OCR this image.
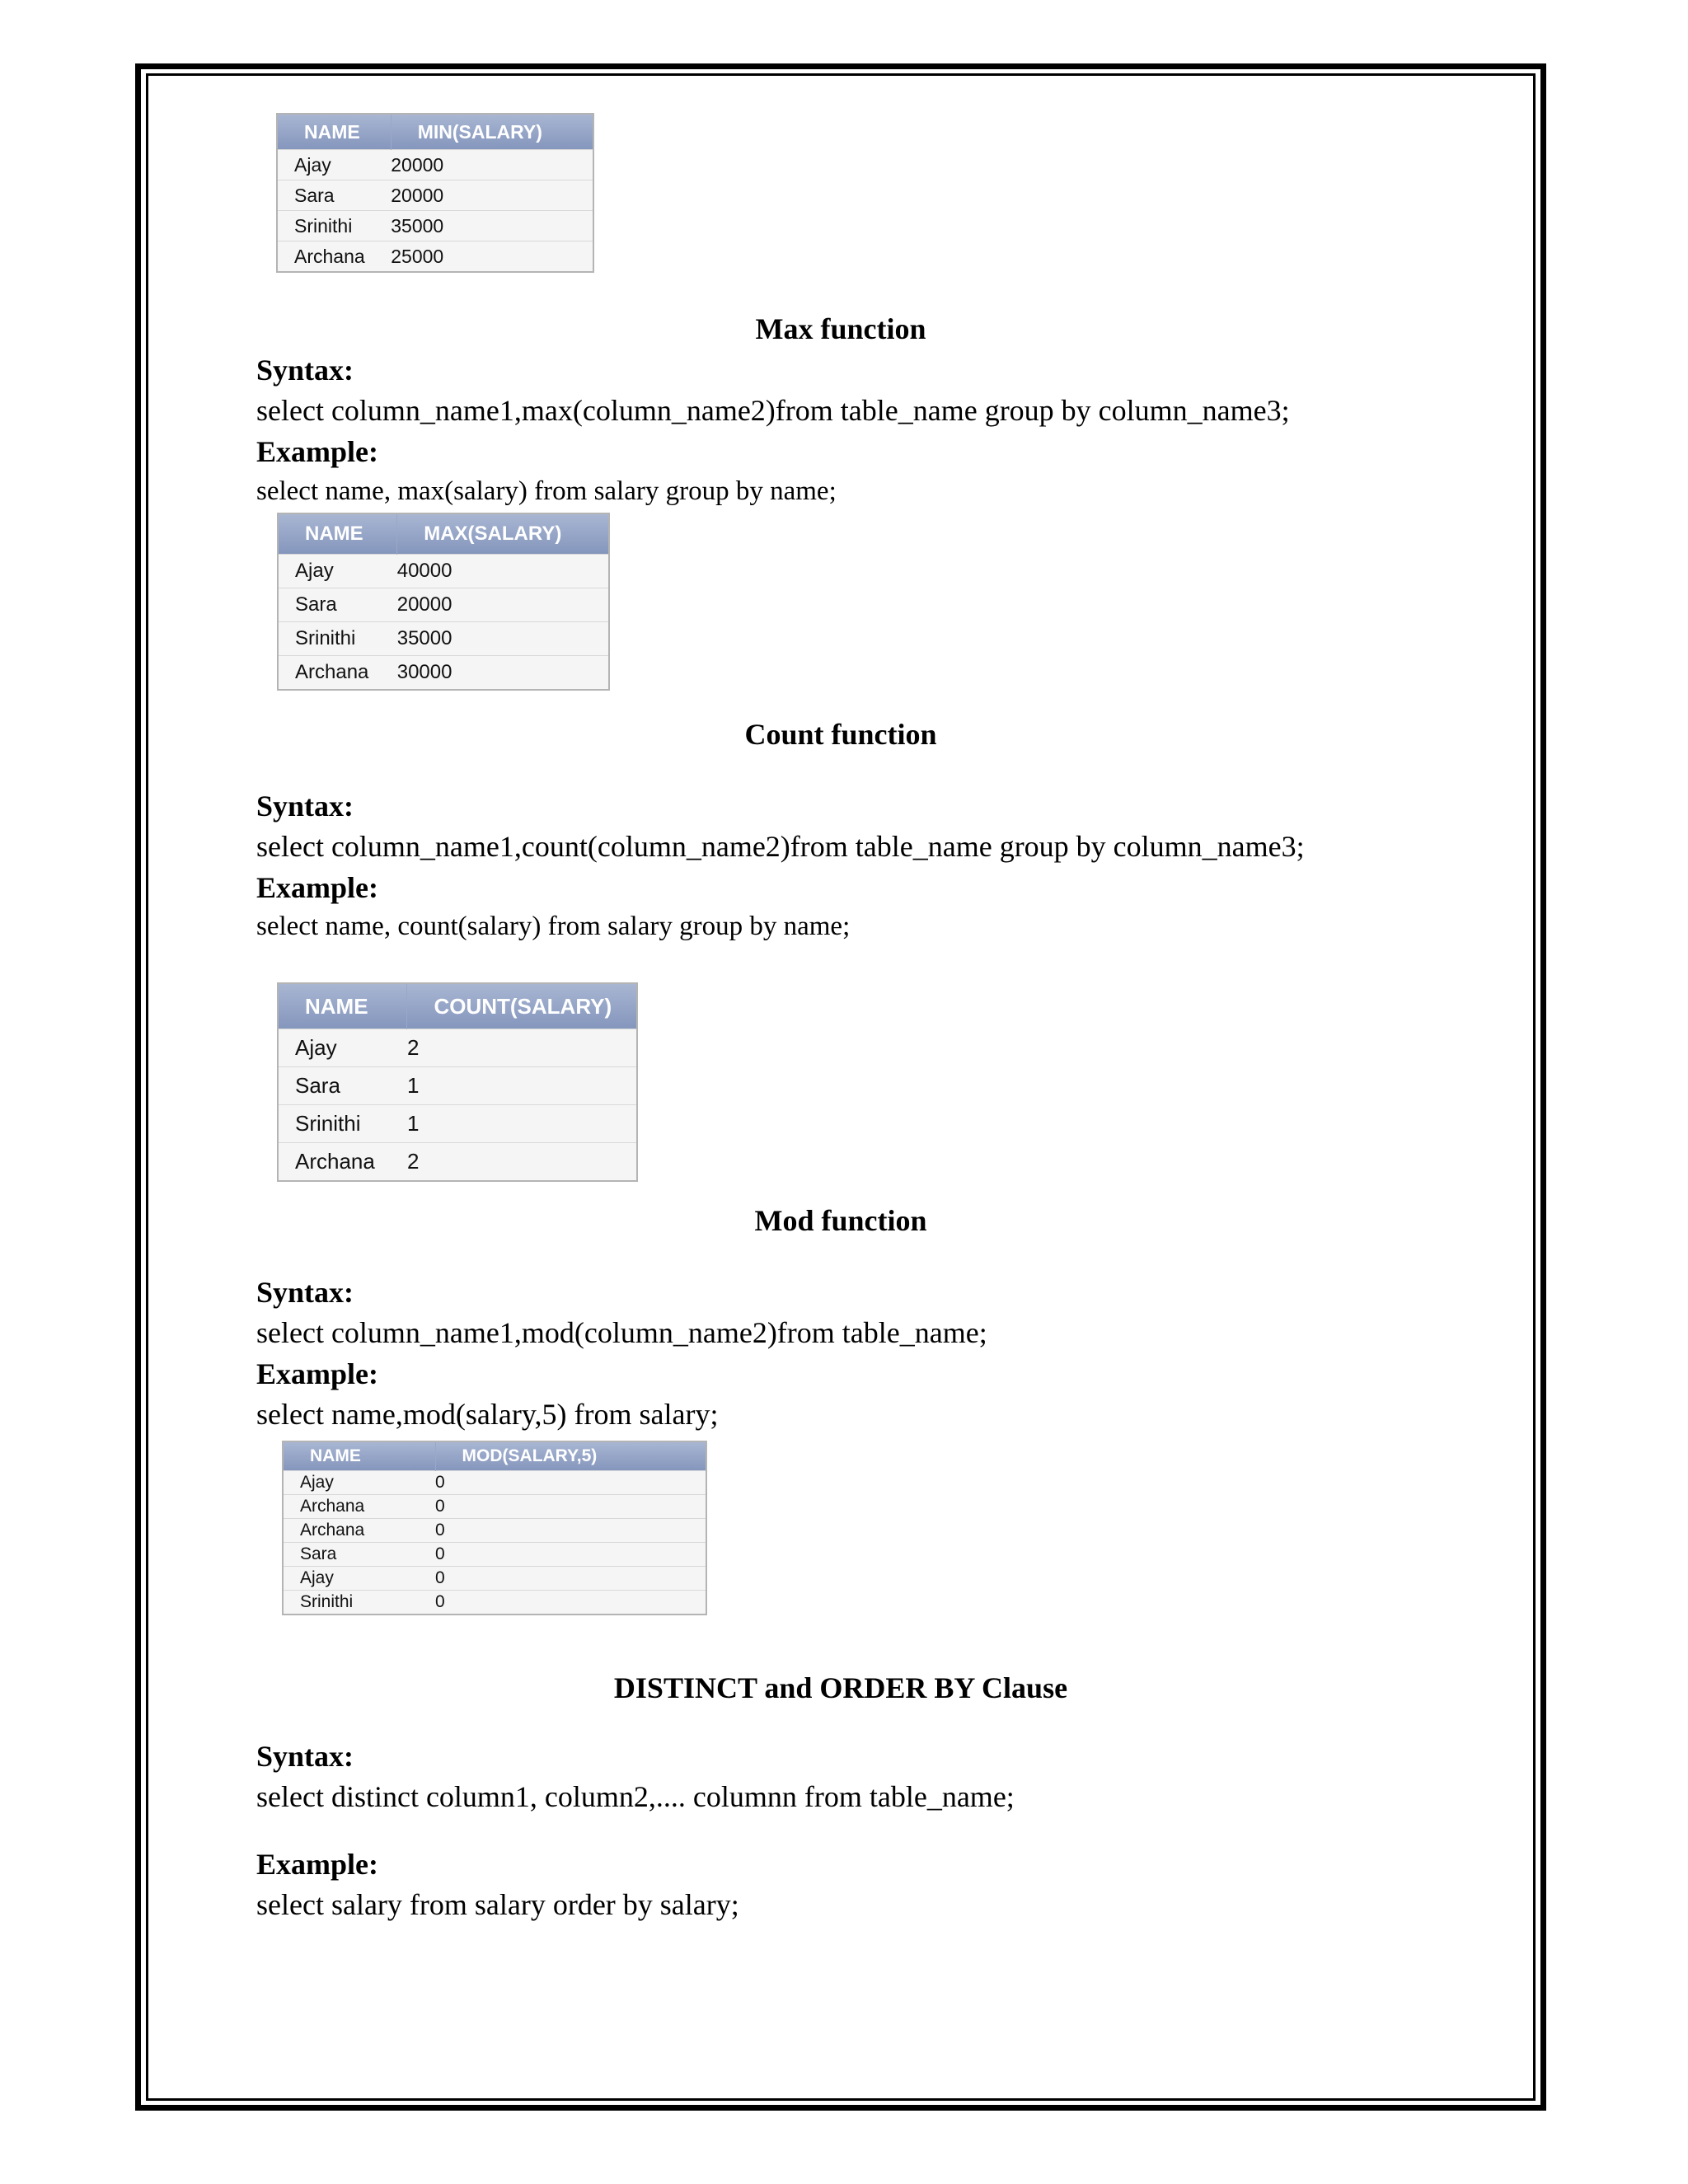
NAME	MIN(SALARY)
Ajay	20000
Sara	20000
Srinithi	35000
Archana	25000
Max function
Syntax:
select column_name1,max(column_name2)from table_name group by column_name3;
Example:
select name, max(salary) from salary group by name;
NAME	MAX(SALARY)
Ajay	40000
Sara	20000
Srinithi	35000
Archana	30000
Count function
Syntax:
select column_name1,count(column_name2)from table_name group by column_name3;
Example:
select name, count(salary) from salary group by name;
NAME	COUNT(SALARY)
Ajay	2
Sara	1
Srinithi	1
Archana	2
Mod function
Syntax:
select column_name1,mod(column_name2)from table_name;
Example:
select name,mod(salary,5) from salary;
NAME	MOD(SALARY,5)
Ajay	0
Archana	0
Archana	0
Sara	0
Ajay	0
Srinithi	0
DISTINCT and ORDER BY Clause
Syntax:
select distinct column1, column2,.... columnn from table_name;
Example:
select salary from salary order by salary;
